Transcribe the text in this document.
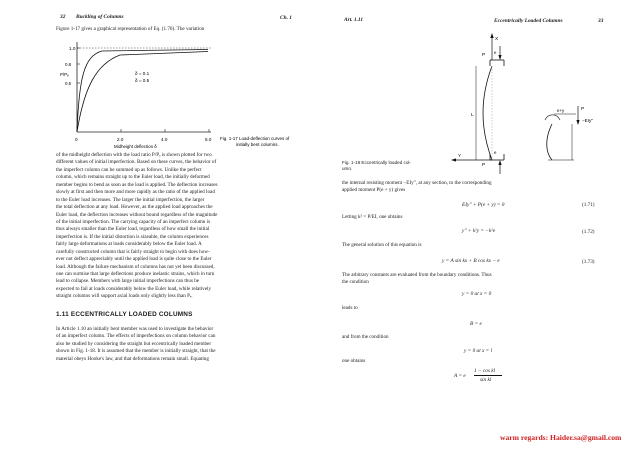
32 Buckling of Columns	Ch. 1
Figure 1-17 gives a graphical representation of Eq. (1.70). The variation
1.0
0.8
0.5
P/Pₑ	δ = 0.1
δ = 0.5
0	2.0	4.0	6.0
Midheight deflection δ
Fig. 1-17 Load-deflection curves of
initially bent columns.
of the midheight deflection with the load ratio P/Pₑ is shown plotted for two
different values of initial imperfection. Based on these curves, the behavior of
the imperfect column can be summed up as follows. Unlike the perfect
column, which remains straight up to the Euler load, the initially deformed
member begins to bend as soon as the load is applied. The deflection increases
slowly at first and then more and more rapidly as the ratio of the applied load
to the Euler load increases. The larger the initial imperfection, the larger
the total deflection at any load. However, as the applied load approaches the
Euler load, the deflection increases without bound regardless of the magnitude
of the initial imperfection. The carrying capacity of an imperfect column is
thus always smaller than the Euler load, regardless of how small the initial
imperfection is. If the initial distortion is sizeable, the column experiences
fairly large deformations at loads considerably below the Euler load. A
carefully constructed column that is fairly straight to begin with does how-
ever not deflect appreciably until the applied load is quite close to the Euler
load. Although the failure mechanism of columns has not yet been discussed,
one can surmise that large deflections produce inelastic strains, which in turn
lead to collapse. Members with large initial imperfections can thus be
expected to fail at loads considerably below the Euler load, while relatively
straight columns will support axial loads only slightly less than Pₑ.
1.11 ECCENTRICALLY LOADED COLUMNS
In Article 1.10 an initially bent member was used to investigate the behavior
of an imperfect column. The effects of imperfections on column behavior can
also be studied by considering the straight but eccentrically loaded member
shown in Fig. 1-18. It is assumed that the member is initially straight, that the
material obeys Hooke's law, and that deformations remain small. Equating
Art. 1.11	Eccentrically Loaded Columns	33
X
P
e
L
Y
P
e
P
e+y
−EIy″
Fig. 1-18 Eccentrically loaded col-
umn.
the internal resisting moment −EIy″, at any section, to the corresponding
applied moment P(e + y) gives
EIy″ + P(e + y) = 0	(1.71)
Letting k² = P/EI, one obtains
y″ + k²y = −k²e	(1.72)
The general solution of this equation is
y = A sin kx + B cos kx − e	(1.73)
The arbitrary constants are evaluated from the boundary conditions. Thus
the condition
y = 0 at x = 0
leads to
B = e
and from the condition
y = 0 at x = l
one obtains
A = e
1 − cos kl
sin kl
warm regards: Haider.sa@gmail.com
